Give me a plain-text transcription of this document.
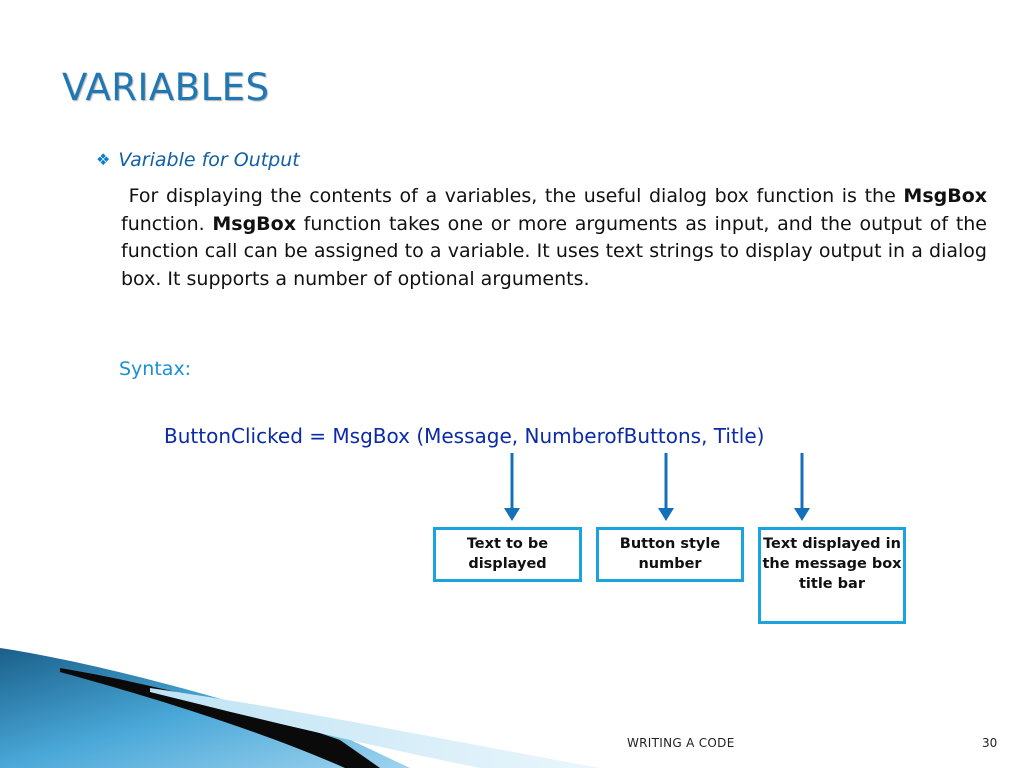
VARIABLES
❖ Variable for Output
For displaying the contents of a variables, the useful dialog box function is the MsgBox function. MsgBox function takes one or more arguments as input, and the output of the function call can be assigned to a variable. It uses text strings to display output in a dialog box. It supports a number of optional arguments.
Syntax:
ButtonClicked = MsgBox (Message, NumberofButtons, Title)
Text to be displayed
Button style number
Text displayed in the message box title bar
WRITING A CODE	30
